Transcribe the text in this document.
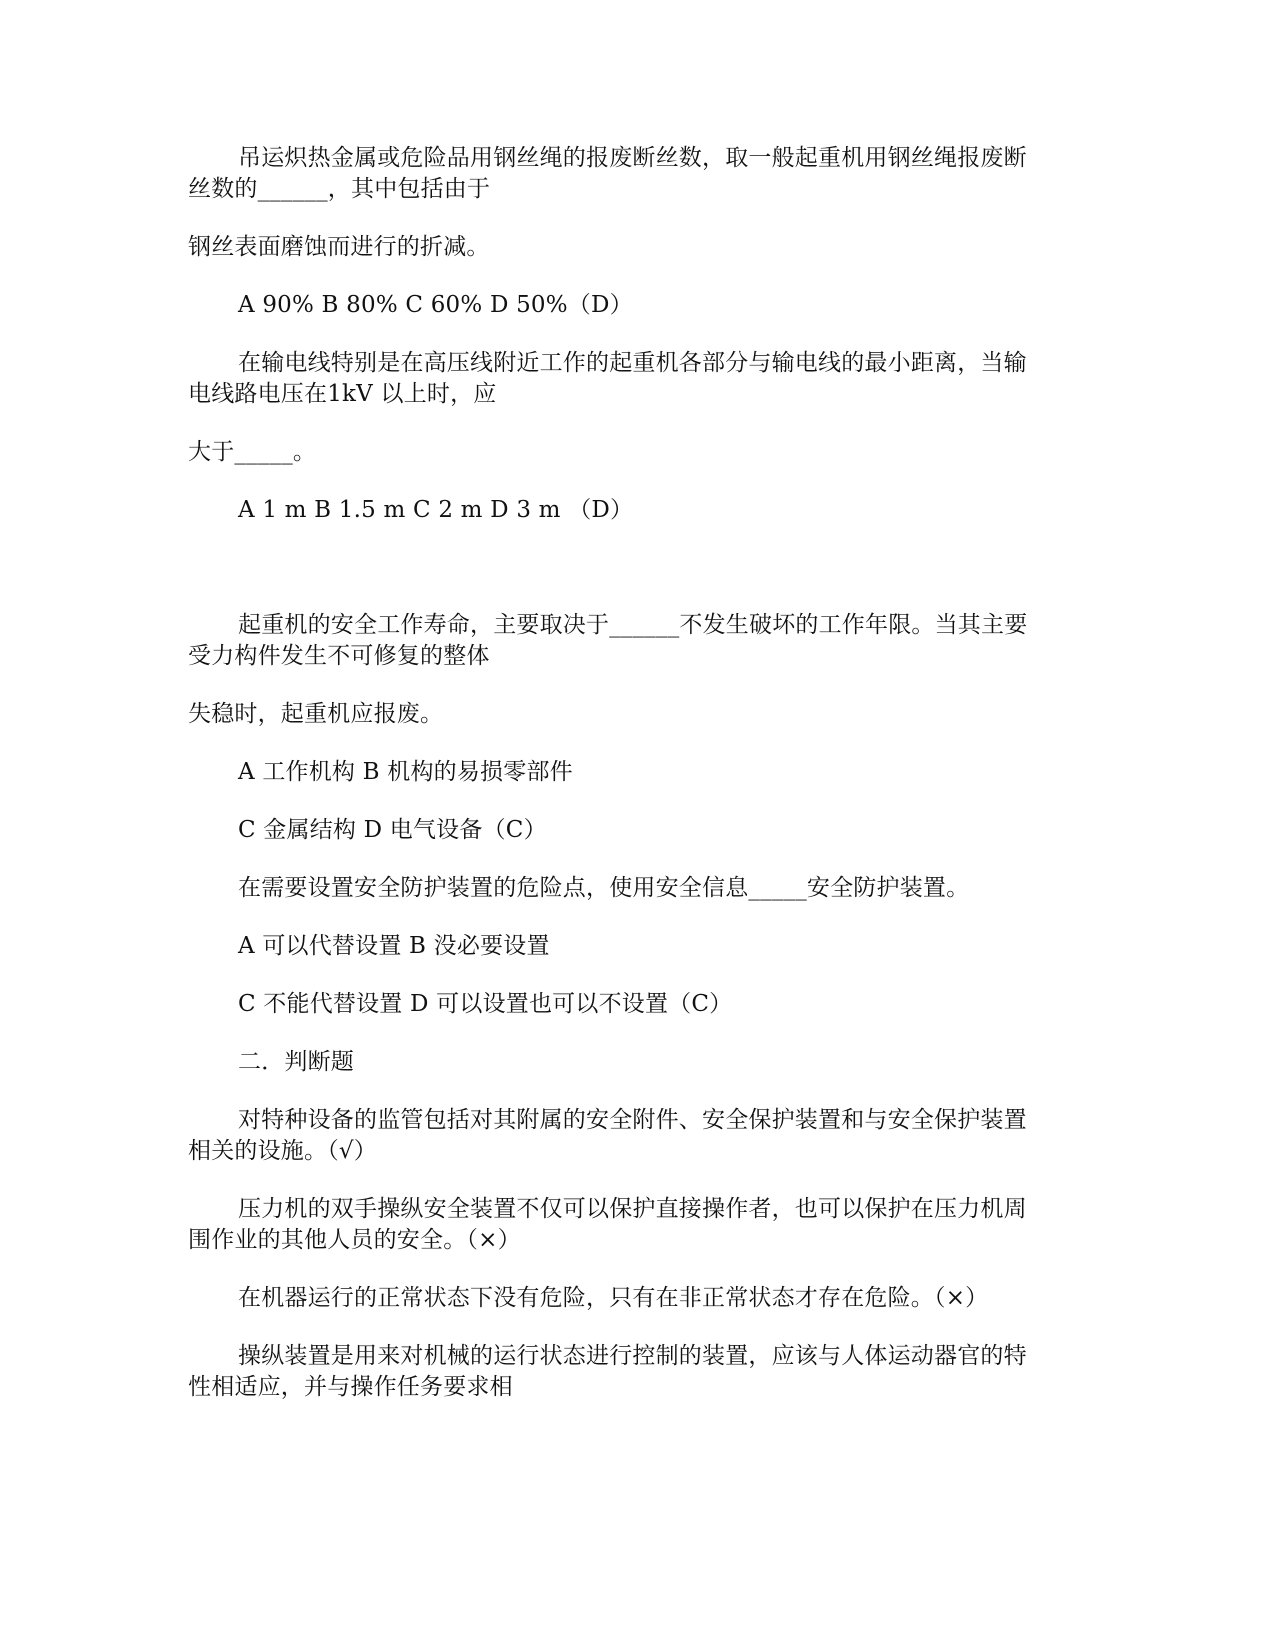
吊运炽热金属或危险品用钢丝绳的报废断丝数，取一般起重机用钢丝绳报废断
丝数的______，其中包括由于
钢丝表面磨蚀而进行的折减。
A 90% B 80% C 60% D 50%（D）
在输电线特别是在高压线附近工作的起重机各部分与输电线的最小距离，当输
电线路电压在1kV 以上时，应
大于_____。
A 1 m B 1.5 m C 2 m D 3 m （D）
起重机的安全工作寿命，主要取决于______不发生破坏的工作年限。当其主要
受力构件发生不可修复的整体
失稳时，起重机应报废。
A 工作机构 B 机构的易损零部件
C 金属结构 D 电气设备（C）
在需要设置安全防护装置的危险点，使用安全信息_____安全防护装置。
A 可以代替设置 B 没必要设置
C 不能代替设置 D 可以设置也可以不设置（C）
二．判断题
对特种设备的监管包括对其附属的安全附件、安全保护装置和与安全保护装置
相关的设施。（√）
压力机的双手操纵安全装置不仅可以保护直接操作者，也可以保护在压力机周
围作业的其他人员的安全。（×）
在机器运行的正常状态下没有危险，只有在非正常状态才存在危险。（×）
操纵装置是用来对机械的运行状态进行控制的装置，应该与人体运动器官的特
性相适应，并与操作任务要求相
